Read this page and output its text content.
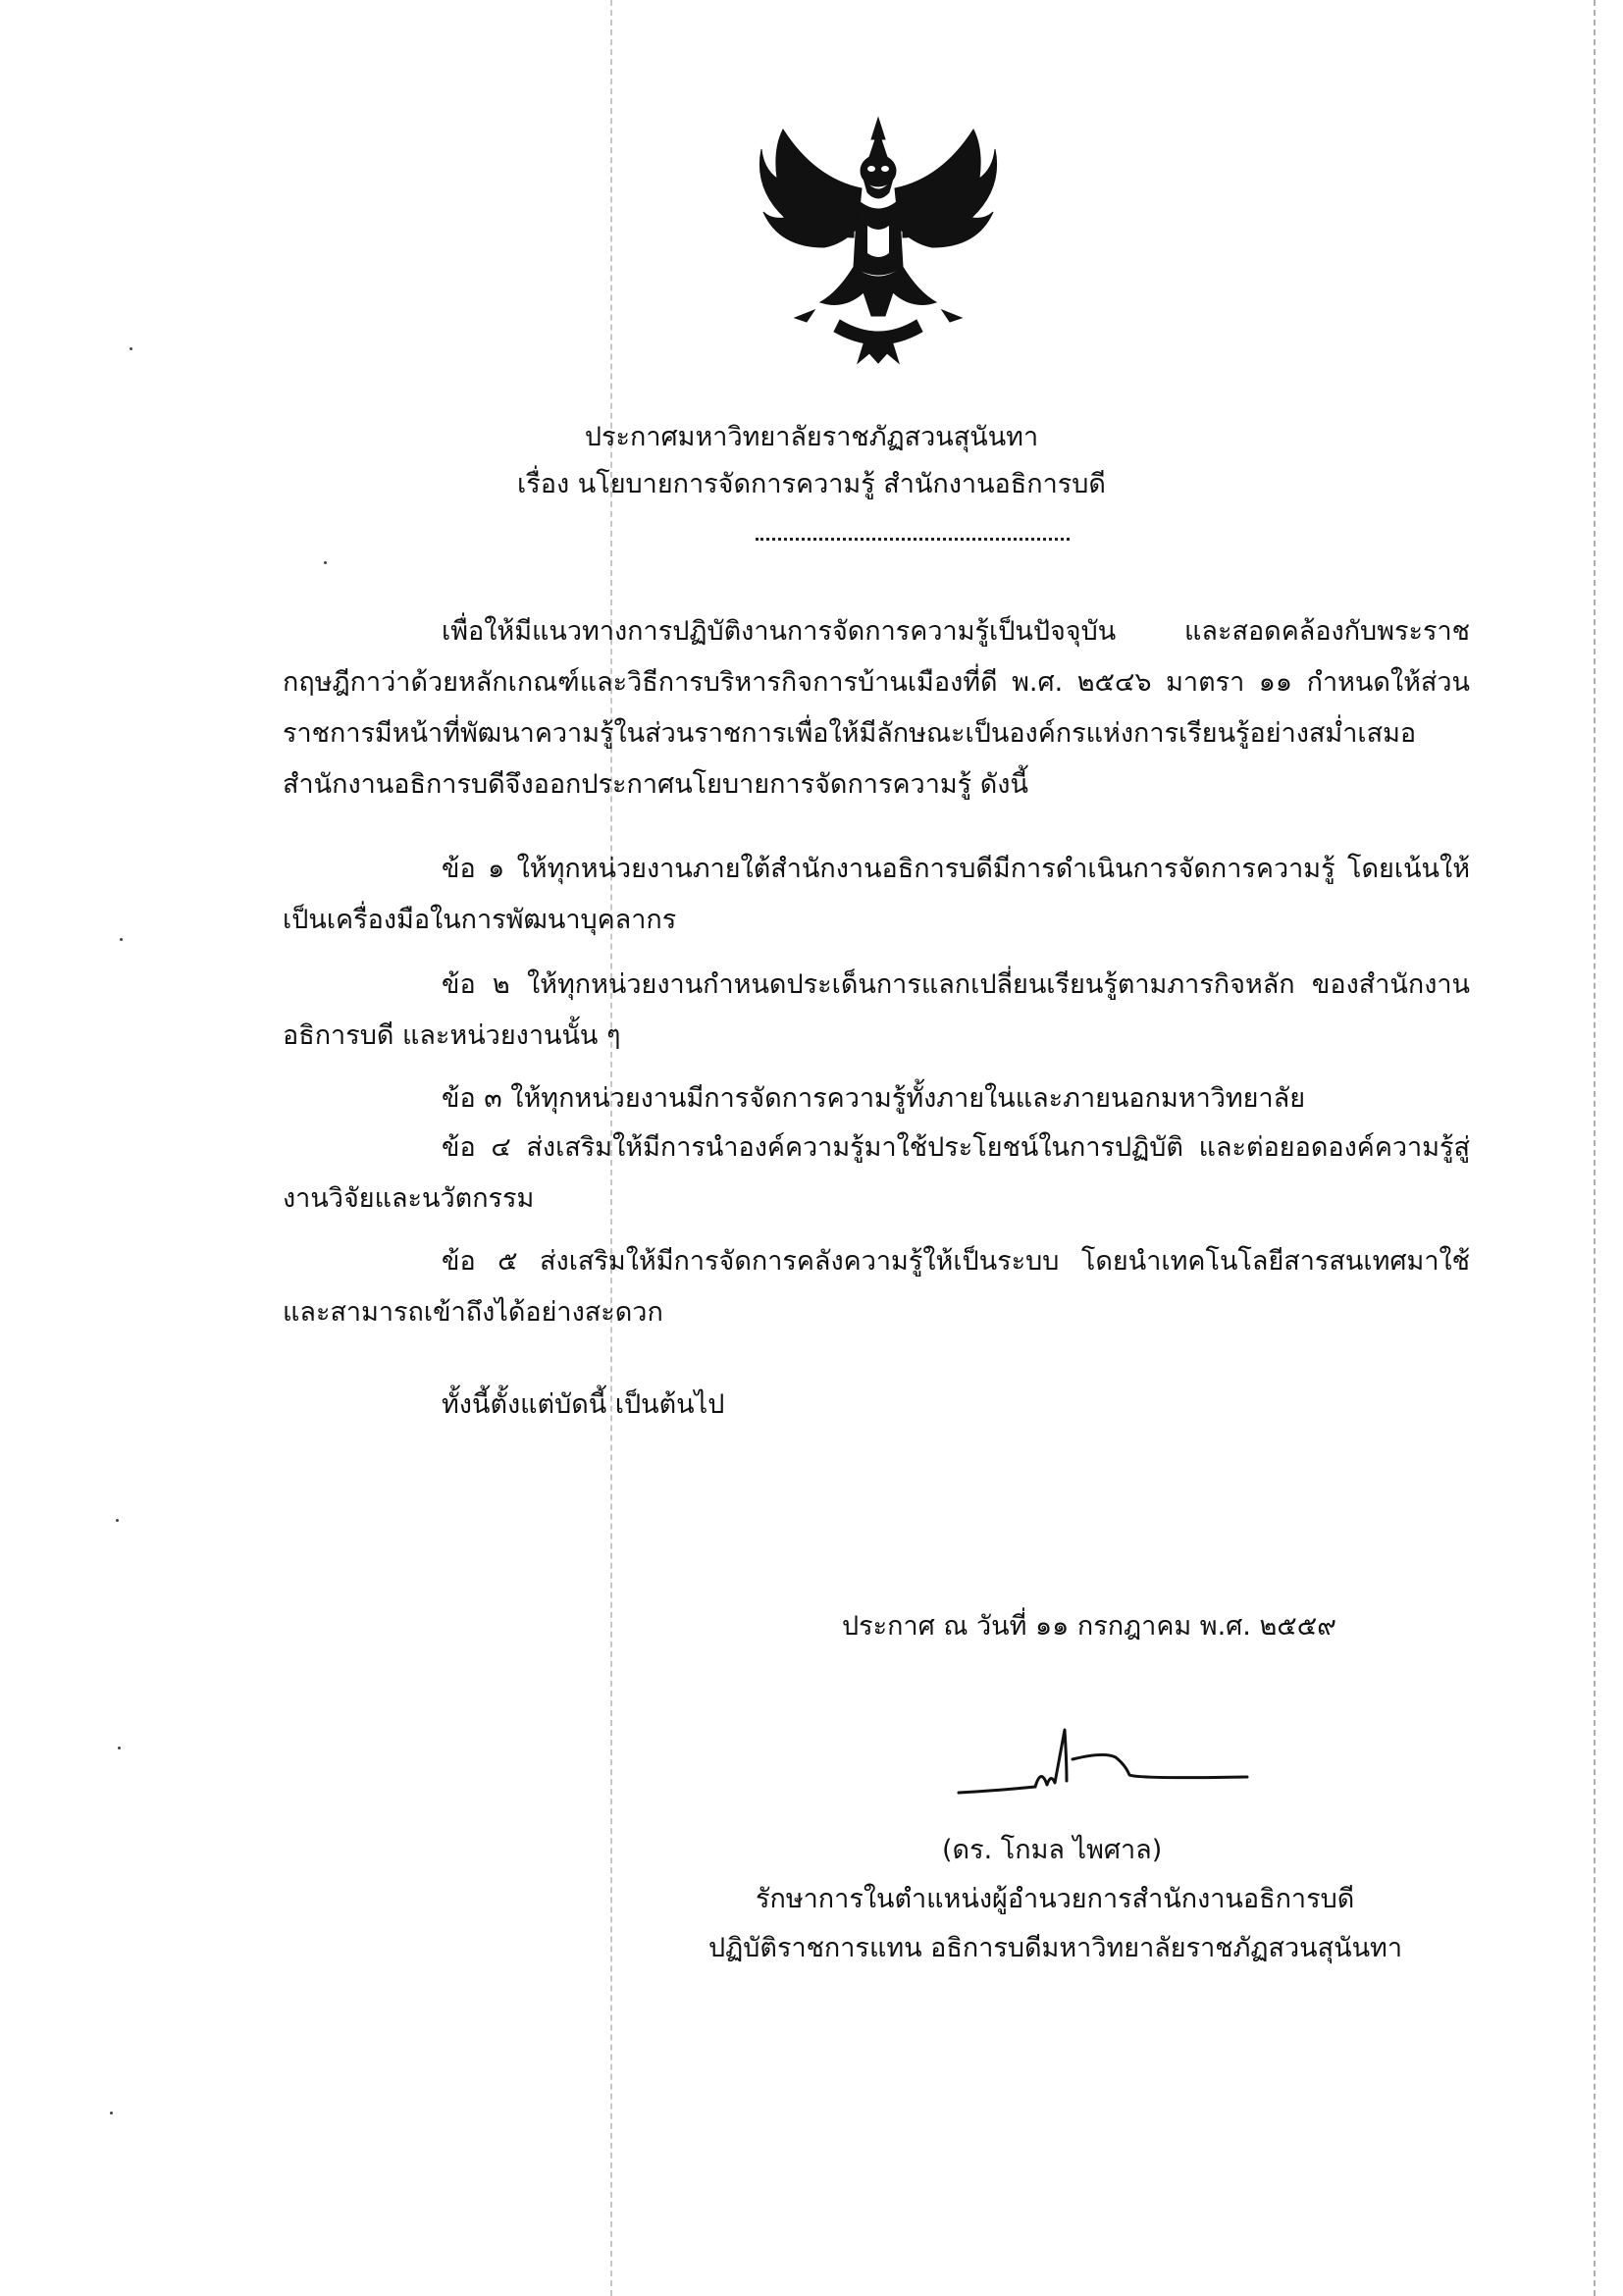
ประกาศมหาวิทยาลัยราชภัฏสวนสุนันทา
เรื่อง นโยบายการจัดการความรู้ สำนักงานอธิการบดี
เพื่อให้มีแนวทางการปฏิบัติงานการจัดการความรู้เป็นปัจจุบัน และสอดคล้องกับพระราชกฤษฎีกาว่าด้วยหลักเกณฑ์และวิธีการบริหารกิจการบ้านเมืองที่ดี พ.ศ. ๒๕๔๖ มาตรา ๑๑ กำหนดให้ส่วนราชการมีหน้าที่พัฒนาความรู้ในส่วนราชการเพื่อให้มีลักษณะเป็นองค์กรแห่งการเรียนรู้อย่างสม่ำเสมอ สำนักงานอธิการบดีจึงออกประกาศนโยบายการจัดการความรู้ ดังนี้
ข้อ ๑ ให้ทุกหน่วยงานภายใต้สำนักงานอธิการบดีมีการดำเนินการจัดการความรู้ โดยเน้นให้เป็นเครื่องมือในการพัฒนาบุคลากร
ข้อ ๒ ให้ทุกหน่วยงานกำหนดประเด็นการแลกเปลี่ยนเรียนรู้ตามภารกิจหลัก ของสำนักงานอธิการบดี และหน่วยงานนั้น ๆ
ข้อ ๓ ให้ทุกหน่วยงานมีการจัดการความรู้ทั้งภายในและภายนอกมหาวิทยาลัย
ข้อ ๔ ส่งเสริมให้มีการนำองค์ความรู้มาใช้ประโยชน์ในการปฏิบัติ และต่อยอดองค์ความรู้สู่งานวิจัยและนวัตกรรม
ข้อ ๕ ส่งเสริมให้มีการจัดการคลังความรู้ให้เป็นระบบ โดยนำเทคโนโลยีสารสนเทศมาใช้และสามารถเข้าถึงได้อย่างสะดวก
ทั้งนี้ตั้งแต่บัดนี้ เป็นต้นไป
ประกาศ ณ วันที่ ๑๑ กรกฎาคม พ.ศ. ๒๕๕๙
(ดร. โกมล ไพศาล)
รักษาการในตำแหน่งผู้อำนวยการสำนักงานอธิการบดี
ปฏิบัติราชการแทน อธิการบดีมหาวิทยาลัยราชภัฏสวนสุนันทา
